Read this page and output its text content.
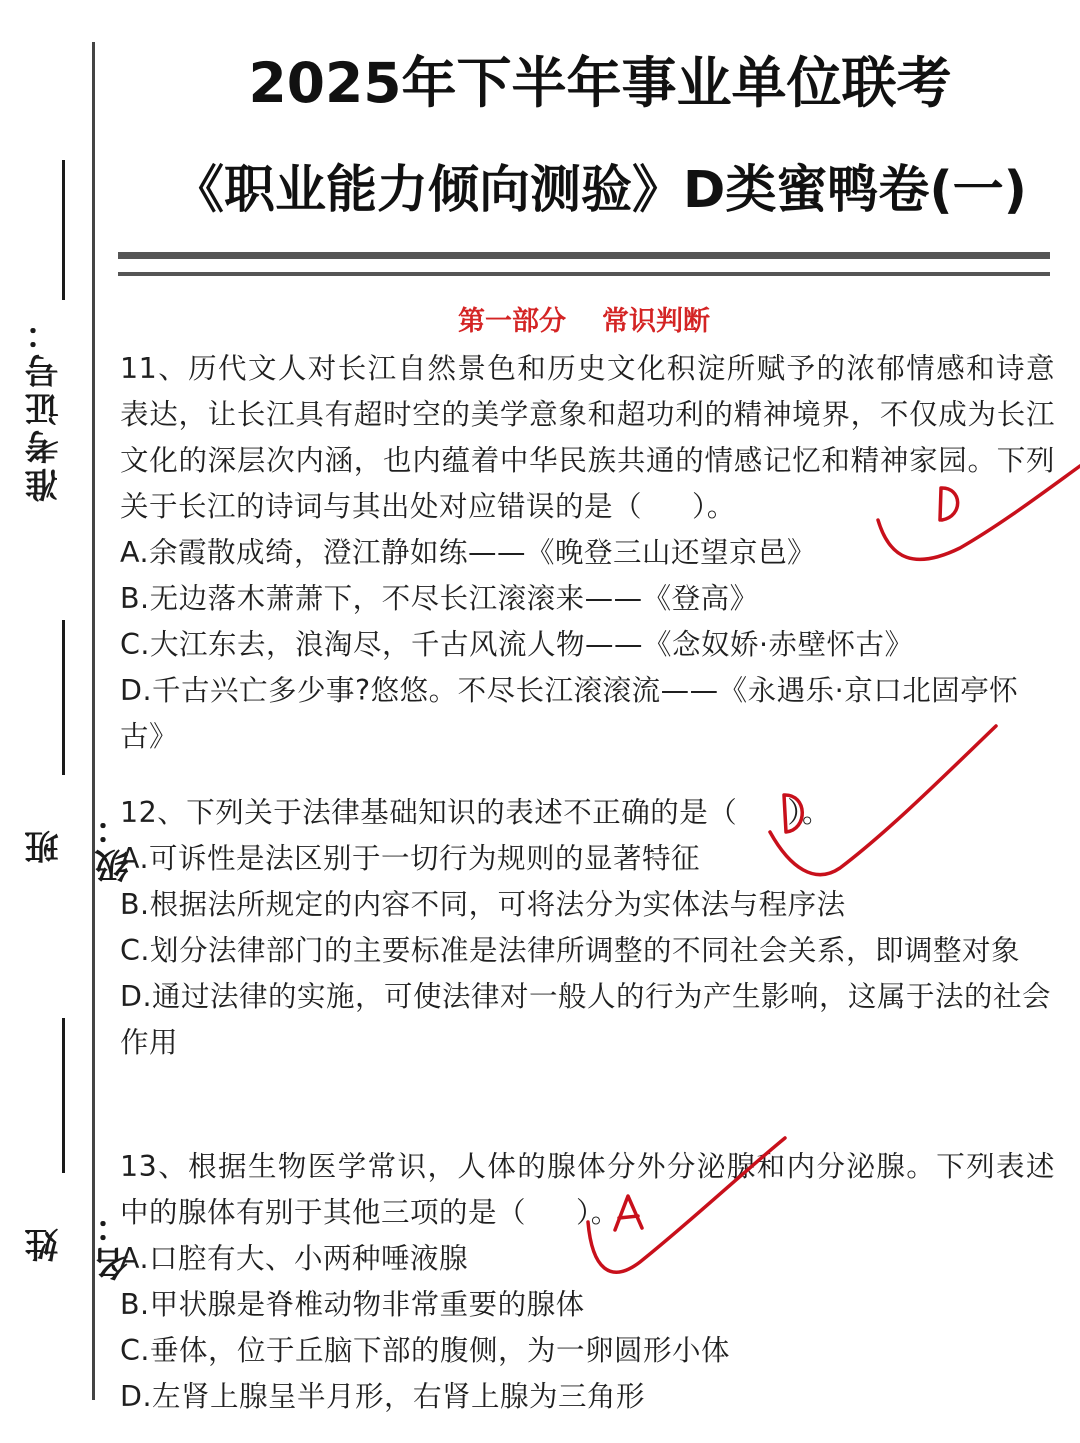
准考证号：
班级：
姓名：
2025年下半年事业单位联考
《职业能力倾向测验》D类蜜鸭卷(一)
第一部分 常识判断

11、历代文人对长江自然景色和历史文化积淀所赋予的浓郁情感和诗意表达，让长江具有超时空的美学意象和超功利的精神境界，不仅成为长江文化的深层次内涵，也内蕴着中华民族共通的情感记忆和精神家园。下列关于长江的诗词与其出处对应错误的是（ ）。

A.余霞散成绮，澄江静如练——《晚登三山还望京邑》

B.无边落木萧萧下，不尽长江滚滚来——《登高》

C.大江东去，浪淘尽，千古风流人物——《念奴娇·赤壁怀古》

D.千古兴亡多少事?悠悠。不尽长江滚滚流——《永遇乐·京口北固亭怀古》

12、下列关于法律基础知识的表述不正确的是（ ）。

A.可诉性是法区别于一切行为规则的显著特征

B.根据法所规定的内容不同，可将法分为实体法与程序法

C.划分法律部门的主要标准是法律所调整的不同社会关系，即调整对象

D.通过法律的实施，可使法律对一般人的行为产生影响，这属于法的社会作用

13、根据生物医学常识，人体的腺体分外分泌腺和内分泌腺。下列表述中的腺体有别于其他三项的是（ ）。

A.口腔有大、小两种唾液腺

B.甲状腺是脊椎动物非常重要的腺体

C.垂体，位于丘脑下部的腹侧，为一卵圆形小体

D.左肾上腺呈半月形，右肾上腺为三角形
